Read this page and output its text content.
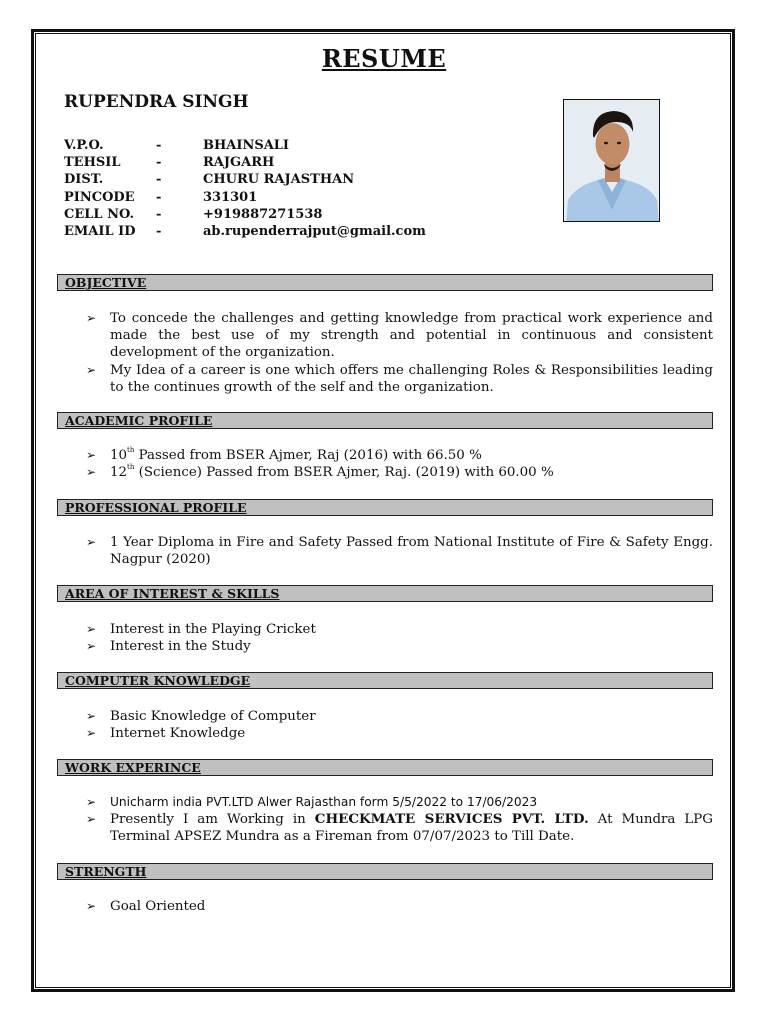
RESUME
RUPENDRA SINGH
V.P.O.	-	BHAINSALI
TEHSIL	-	RAJGARH
DIST.	-	CHURU RAJASTHAN
PINCODE	-	331301
CELL NO.	-	+919887271538
EMAIL ID	-	ab.rupenderrajput@gmail.com
OBJECTIVE
➢ To concede the challenges and getting knowledge from practical work experience and made the best use of my strength and potential in continuous and consistent development of the organization.
➢ My Idea of a career is one which offers me challenging Roles & Responsibilities leading to the continues growth of the self and the organization.
ACADEMIC PROFILE
➢ 10th Passed from BSER Ajmer, Raj (2016) with 66.50 %
➢ 12th (Science) Passed from BSER Ajmer, Raj. (2019) with 60.00 %
PROFESSIONAL PROFILE
➢ 1 Year Diploma in Fire and Safety Passed from National Institute of Fire & Safety Engg. Nagpur (2020)
AREA OF INTEREST & SKILLS
➢ Interest in the Playing Cricket
➢ Interest in the Study
COMPUTER KNOWLEDGE
➢ Basic Knowledge of Computer
➢ Internet Knowledge
WORK EXPERINCE
➢ Unicharm india PVT.LTD Alwer Rajasthan form 5/5/2022 to 17/06/2023
➢ Presently I am Working in CHECKMATE SERVICES PVT. LTD. At Mundra LPG Terminal APSEZ Mundra as a Fireman from 07/07/2023 to Till Date.
STRENGTH
➢ Goal Oriented
